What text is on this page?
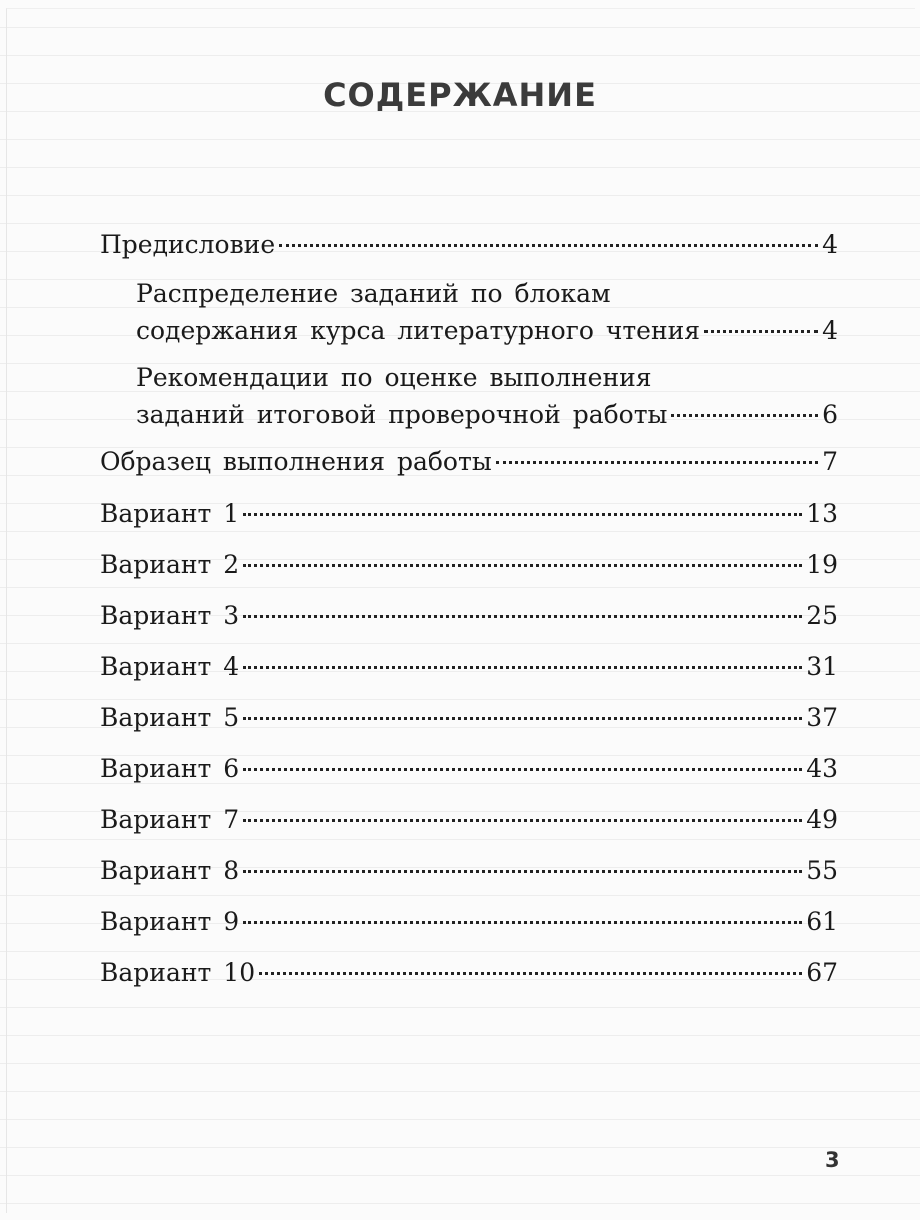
СОДЕРЖАНИЕ
Предисловие	4
Распределение заданий по блокам
содержания курса литературного чтения	4
Рекомендации по оценке выполнения
заданий итоговой проверочной работы	6
Образец выполнения работы	7
Вариант 1	13
Вариант 2	19
Вариант 3	25
Вариант 4	31
Вариант 5	37
Вариант 6	43
Вариант 7	49
Вариант 8	55
Вариант 9	61
Вариант 10	67
3
